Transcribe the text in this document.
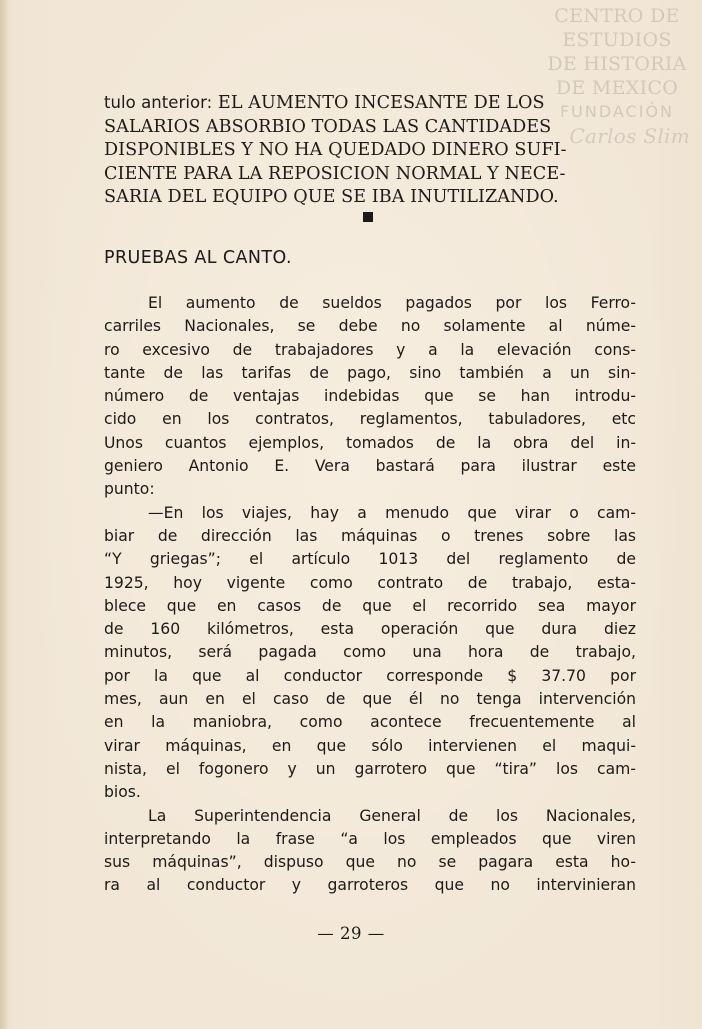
CENTRO DE
ESTUDIOS
DE HISTORIA
DE MEXICO
FUNDACIÓN
Carlos Slim
tulo anterior: EL AUMENTO INCESANTE DE LOS
SALARIOS ABSORBIO TODAS LAS CANTIDADES
DISPONIBLES Y NO HA QUEDADO DINERO SUFI-
CIENTE PARA LA REPOSICION NORMAL Y NECE-
SARIA DEL EQUIPO QUE SE IBA INUTILIZANDO.
PRUEBAS AL CANTO.
El aumento de sueldos pagados por los Ferro-
carriles Nacionales, se debe no solamente al núme-
ro excesivo de trabajadores y a la elevación cons-
tante de las tarifas de pago, sino también a un sin-
número de ventajas indebidas que se han introdu-
cido en los contratos, reglamentos, tabuladores, etc
Unos cuantos ejemplos, tomados de la obra del in-
geniero Antonio E. Vera bastará para ilustrar este
punto:
—En los viajes, hay a menudo que virar o cam-
biar de dirección las máquinas o trenes sobre las
“Y griegas”; el artículo 1013 del reglamento de
1925, hoy vigente como contrato de trabajo, esta-
blece que en casos de que el recorrido sea mayor
de 160 kilómetros, esta operación que dura diez
minutos, será pagada como una hora de trabajo,
por la que al conductor corresponde $ 37.70 por
mes, aun en el caso de que él no tenga intervención
en la maniobra, como acontece frecuentemente al
virar máquinas, en que sólo intervienen el maqui-
nista, el fogonero y un garrotero que “tira” los cam-
bios.
La Superintendencia General de los Nacionales,
interpretando la frase “a los empleados que viren
sus máquinas”, dispuso que no se pagara esta ho-
ra al conductor y garroteros que no intervinieran
— 29 —
